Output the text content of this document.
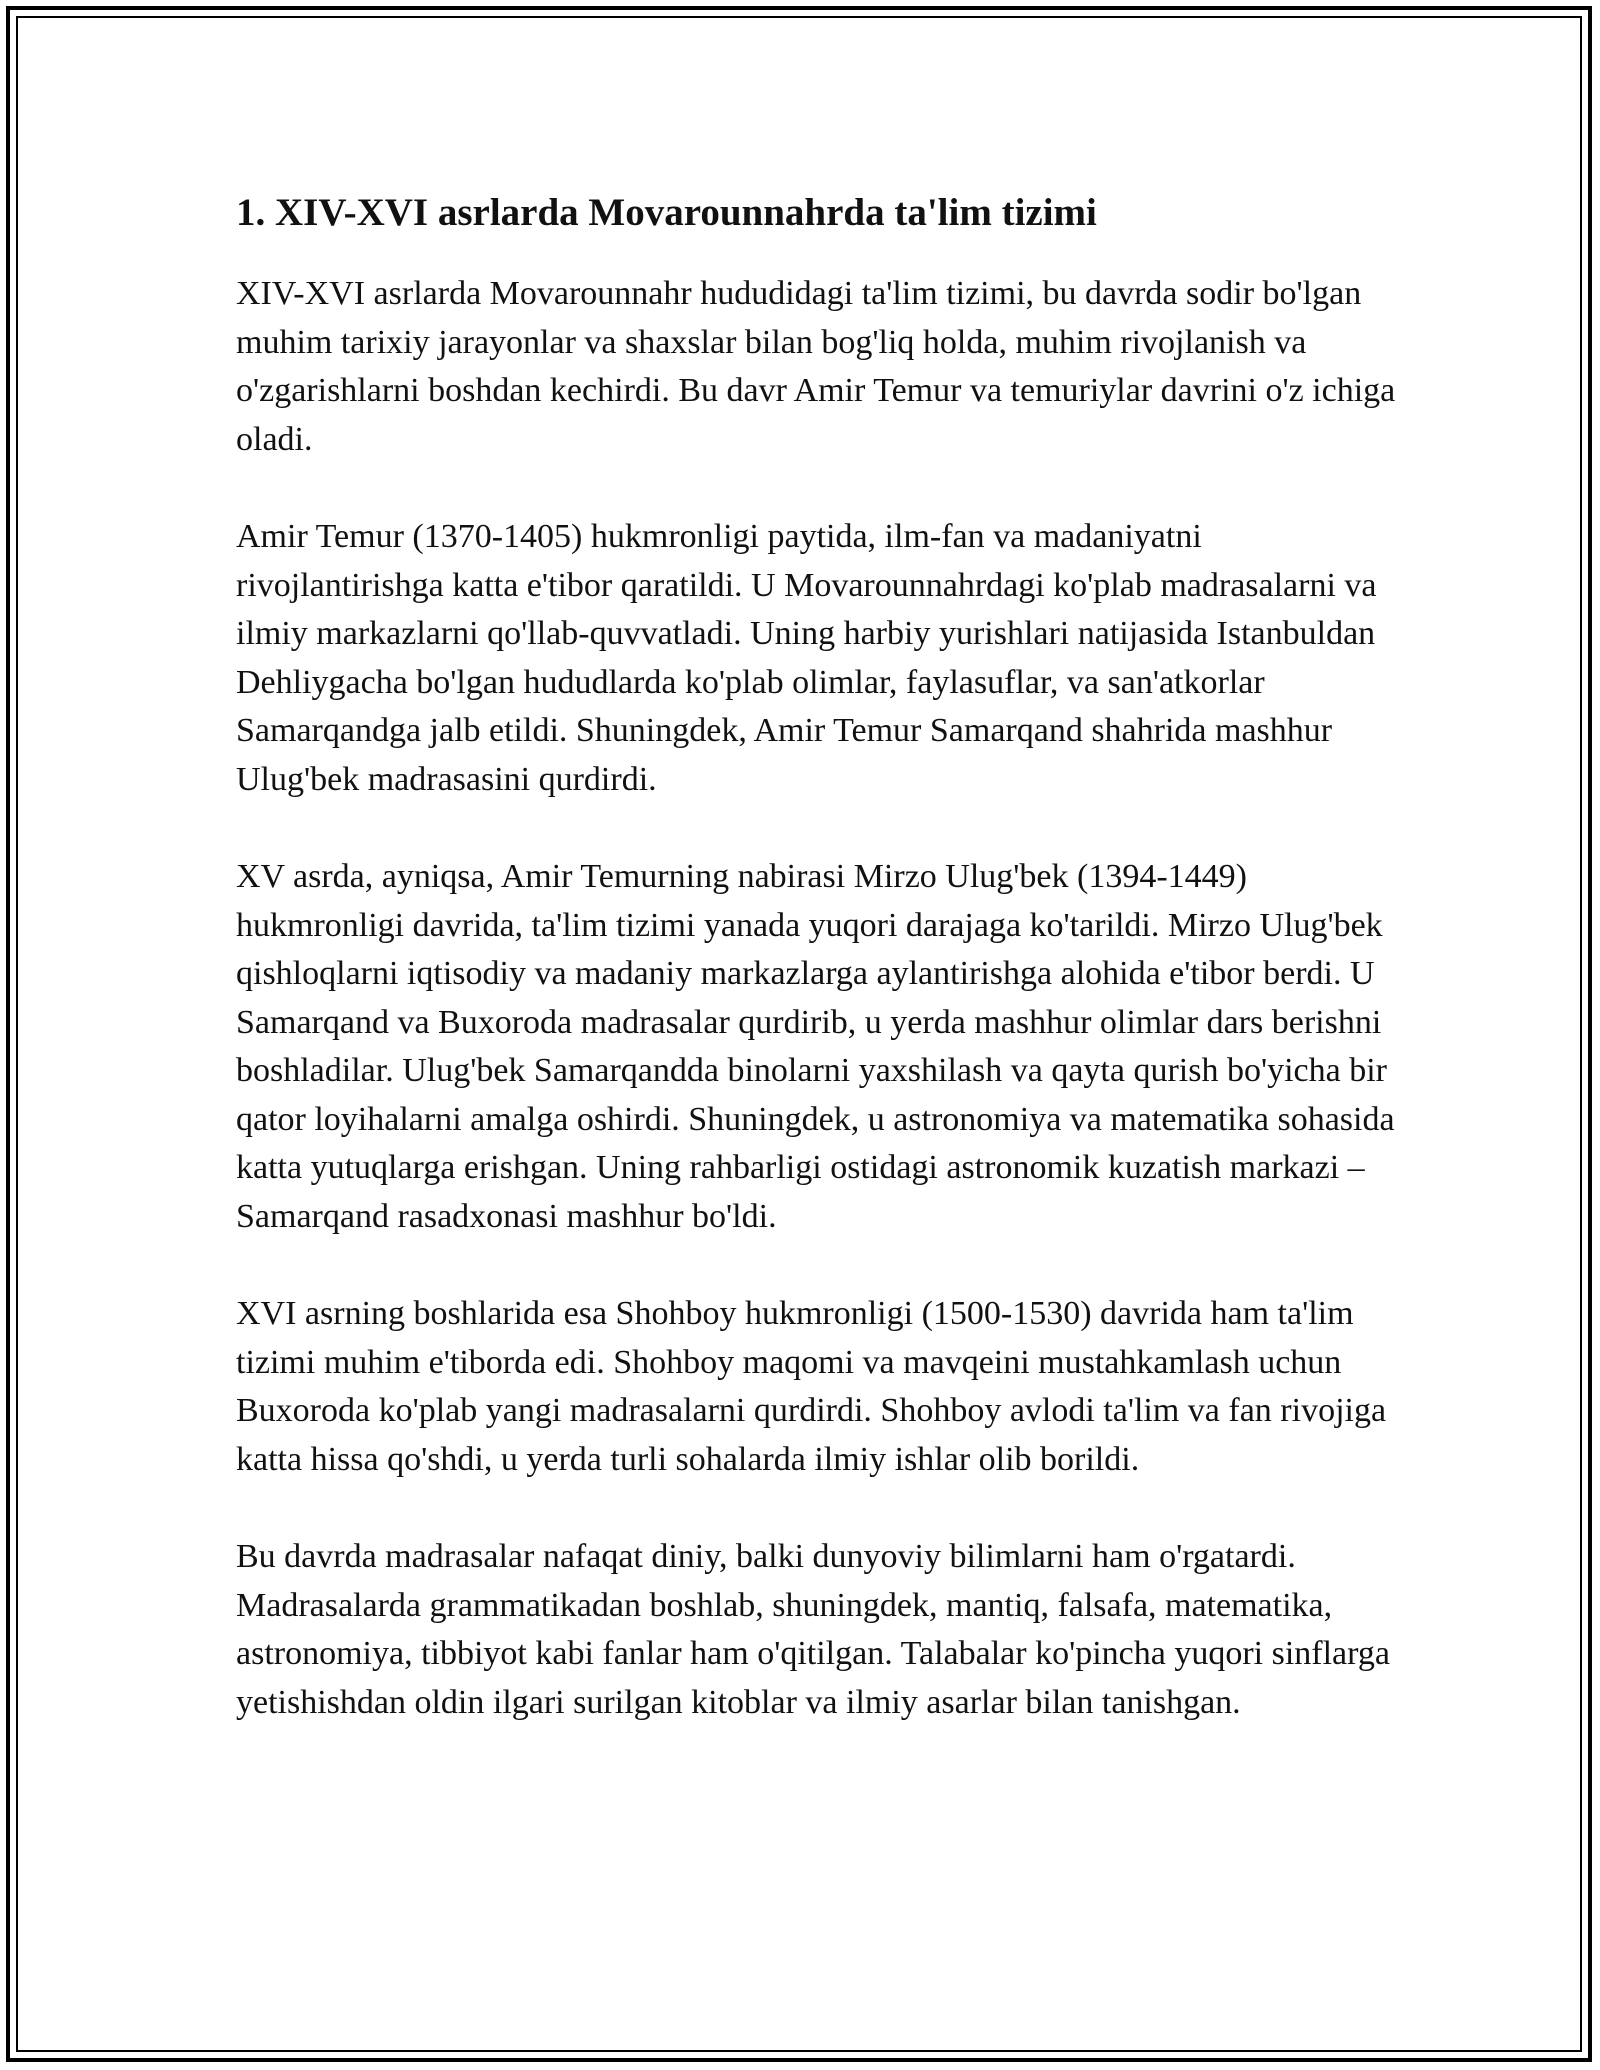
1. XIV-XVI asrlarda Movarounnahrda ta'lim tizimi

XIV-XVI asrlarda Movarounnahr hududidagi ta'lim tizimi, bu davrda sodir bo'lgan muhim tarixiy jarayonlar va shaxslar bilan bog'liq holda, muhim rivojlanish va o'zgarishlarni boshdan kechirdi. Bu davr Amir Temur va temuriylar davrini o'z ichiga oladi.

Amir Temur (1370-1405) hukmronligi paytida, ilm-fan va madaniyatni rivojlantirishga katta e'tibor qaratildi. U Movarounnahrdagi ko'plab madrasalarni va ilmiy markazlarni qo'llab-quvvatladi. Uning harbiy yurishlari natijasida Istanbuldan Dehliygacha bo'lgan hududlarda ko'plab olimlar, faylasuflar, va san'atkorlar Samarqandga jalb etildi. Shuningdek, Amir Temur Samarqand shahrida mashhur Ulug'bek madrasasini qurdirdi.

XV asrda, ayniqsa, Amir Temurning nabirasi Mirzo Ulug'bek (1394-1449) hukmronligi davrida, ta'lim tizimi yanada yuqori darajaga ko'tarildi. Mirzo Ulug'bek qishloqlarni iqtisodiy va madaniy markazlarga aylantirishga alohida e'tibor berdi. U Samarqand va Buxoroda madrasalar qurdirib, u yerda mashhur olimlar dars berishni boshladilar. Ulug'bek Samarqandda binolarni yaxshilash va qayta qurish bo'yicha bir qator loyihalarni amalga oshirdi. Shuningdek, u astronomiya va matematika sohasida katta yutuqlarga erishgan. Uning rahbarligi ostidagi astronomik kuzatish markazi – Samarqand rasadxonasi mashhur bo'ldi.

XVI asrning boshlarida esa Shohboy hukmronligi (1500-1530) davrida ham ta'lim tizimi muhim e'tiborda edi. Shohboy maqomi va mavqeini mustahkamlash uchun Buxoroda ko'plab yangi madrasalarni qurdirdi. Shohboy avlodi ta'lim va fan rivojiga katta hissa qo'shdi, u yerda turli sohalarda ilmiy ishlar olib borildi.

Bu davrda madrasalar nafaqat diniy, balki dunyoviy bilimlarni ham o'rgatardi. Madrasalarda grammatikadan boshlab, shuningdek, mantiq, falsafa, matematika, astronomiya, tibbiyot kabi fanlar ham o'qitilgan. Talabalar ko'pincha yuqori sinflarga yetishishdan oldin ilgari surilgan kitoblar va ilmiy asarlar bilan tanishgan.
